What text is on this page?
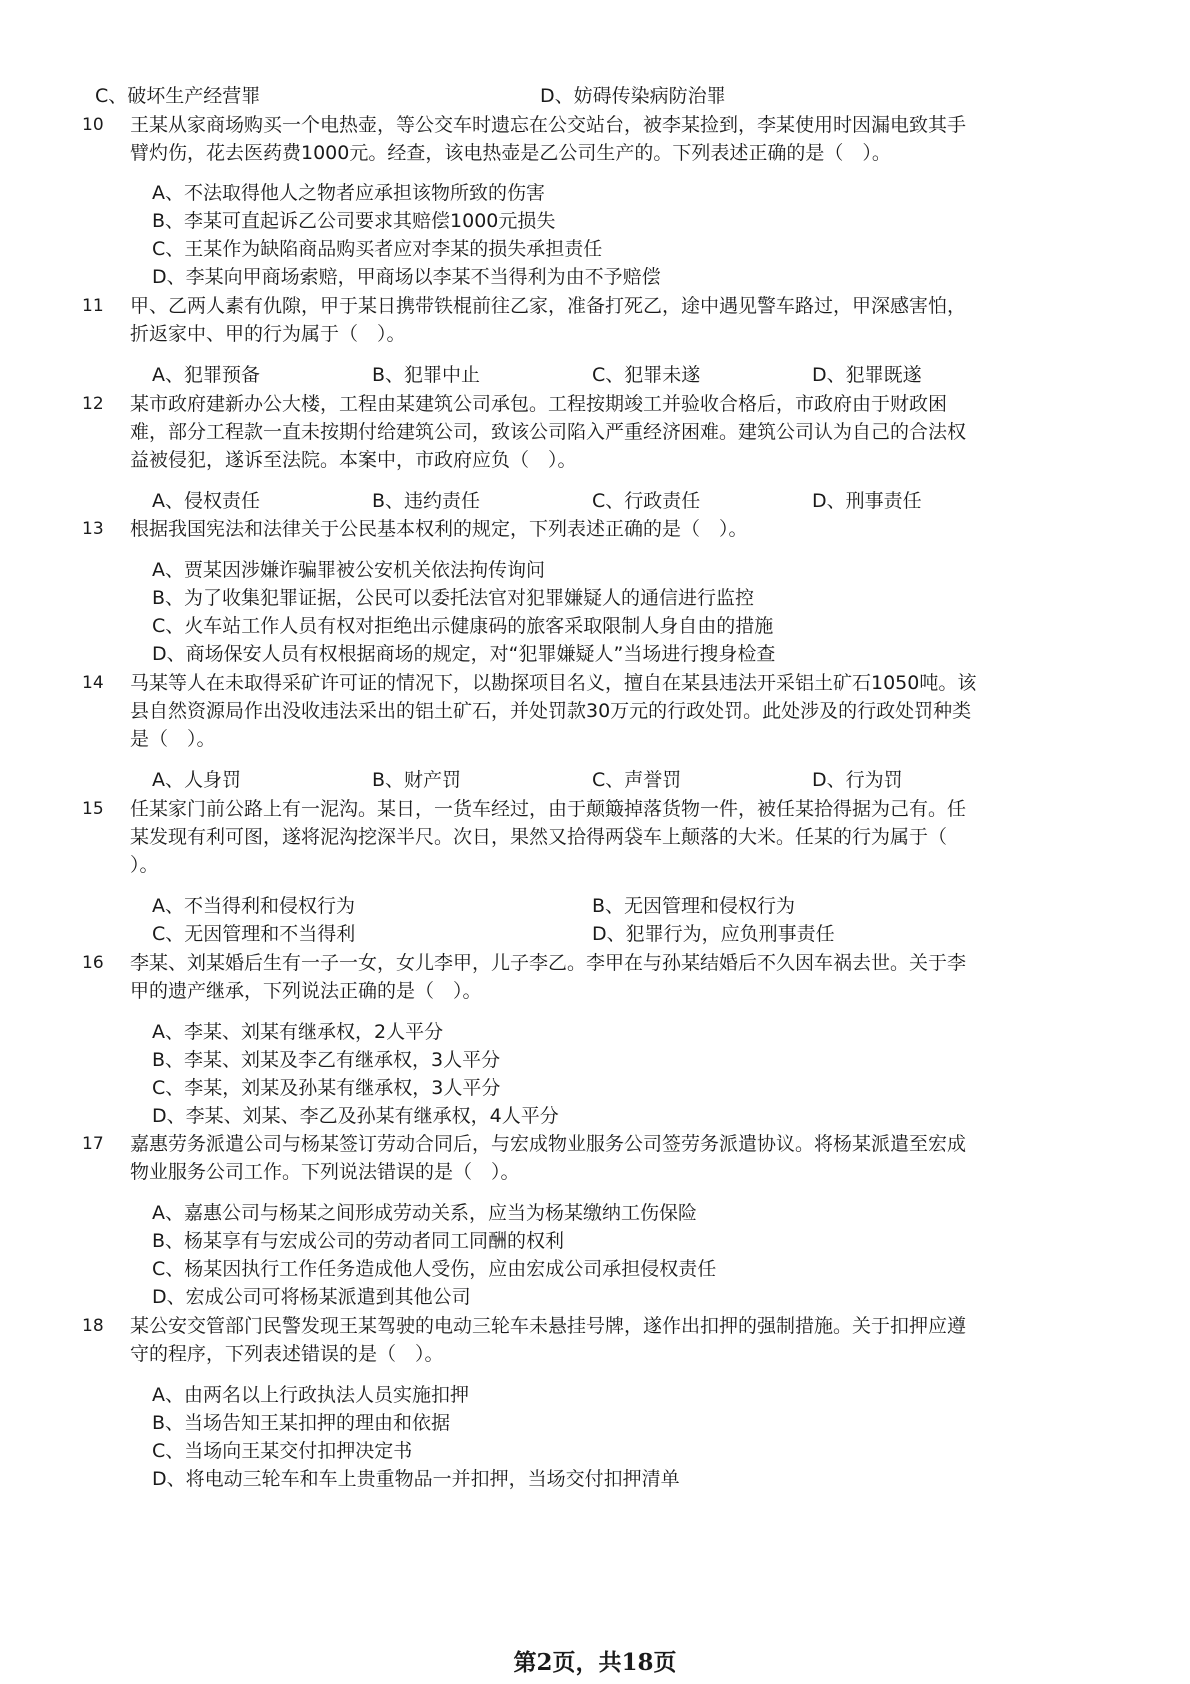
C、破坏生产经营罪	D、妨碍传染病防治罪
10 王某从家商场购买一个电热壶，等公交车时遗忘在公交站台，被李某捡到，李某使用时因漏电致其手
臂灼伤，花去医药费1000元。经查，该电热壶是乙公司生产的。下列表述正确的是（　）。
A、不法取得他人之物者应承担该物所致的伤害
B、李某可直起诉乙公司要求其赔偿1000元损失
C、王某作为缺陷商品购买者应对李某的损失承担责任
D、李某向甲商场索赔，甲商场以李某不当得利为由不予赔偿
11 甲、乙两人素有仇隙，甲于某日携带铁棍前往乙家，准备打死乙，途中遇见警车路过，甲深感害怕，
折返家中、甲的行为属于（　）。
A、犯罪预备	B、犯罪中止	C、犯罪未遂	D、犯罪既遂
12 某市政府建新办公大楼，工程由某建筑公司承包。工程按期竣工并验收合格后，市政府由于财政困
难，部分工程款一直未按期付给建筑公司，致该公司陷入严重经济困难。建筑公司认为自己的合法权
益被侵犯，遂诉至法院。本案中，市政府应负（　）。
A、侵权责任	B、违约责任	C、行政责任	D、刑事责任
13 根据我国宪法和法律关于公民基本权利的规定，下列表述正确的是（　）。
A、贾某因涉嫌诈骗罪被公安机关依法拘传询问
B、为了收集犯罪证据，公民可以委托法官对犯罪嫌疑人的通信进行监控
C、火车站工作人员有权对拒绝出示健康码的旅客采取限制人身自由的措施
D、商场保安人员有权根据商场的规定，对“犯罪嫌疑人”当场进行搜身检查
14 马某等人在未取得采矿许可证的情况下，以勘探项目名义，擅自在某县违法开采铝土矿石1050吨。该
县自然资源局作出没收违法采出的铝土矿石，并处罚款30万元的行政处罚。此处涉及的行政处罚种类
是（　）。
A、人身罚	B、财产罚	C、声誉罚	D、行为罚
15 任某家门前公路上有一泥沟。某日，一货车经过，由于颠簸掉落货物一件，被任某拾得据为己有。任
某发现有利可图，遂将泥沟挖深半尺。次日，果然又拾得两袋车上颠落的大米。任某的行为属于（
）。
A、不当得利和侵权行为	B、无因管理和侵权行为
C、无因管理和不当得利	D、犯罪行为，应负刑事责任
16 李某、刘某婚后生有一子一女，女儿李甲，儿子李乙。李甲在与孙某结婚后不久因车祸去世。关于李
甲的遗产继承，下列说法正确的是（　）。
A、李某、刘某有继承权，2人平分
B、李某、刘某及李乙有继承权，3人平分
C、李某，刘某及孙某有继承权，3人平分
D、李某、刘某、李乙及孙某有继承权，4人平分
17 嘉惠劳务派遣公司与杨某签订劳动合同后，与宏成物业服务公司签劳务派遣协议。将杨某派遣至宏成
物业服务公司工作。下列说法错误的是（　）。
A、嘉惠公司与杨某之间形成劳动关系，应当为杨某缴纳工伤保险
B、杨某享有与宏成公司的劳动者同工同酬的权利
C、杨某因执行工作任务造成他人受伤，应由宏成公司承担侵权责任
D、宏成公司可将杨某派遣到其他公司
18 某公安交管部门民警发现王某驾驶的电动三轮车未悬挂号牌，遂作出扣押的强制措施。关于扣押应遵
守的程序，下列表述错误的是（　）。
A、由两名以上行政执法人员实施扣押
B、当场告知王某扣押的理由和依据
C、当场向王某交付扣押决定书
D、将电动三轮车和车上贵重物品一并扣押，当场交付扣押清单
第2页，共18页
